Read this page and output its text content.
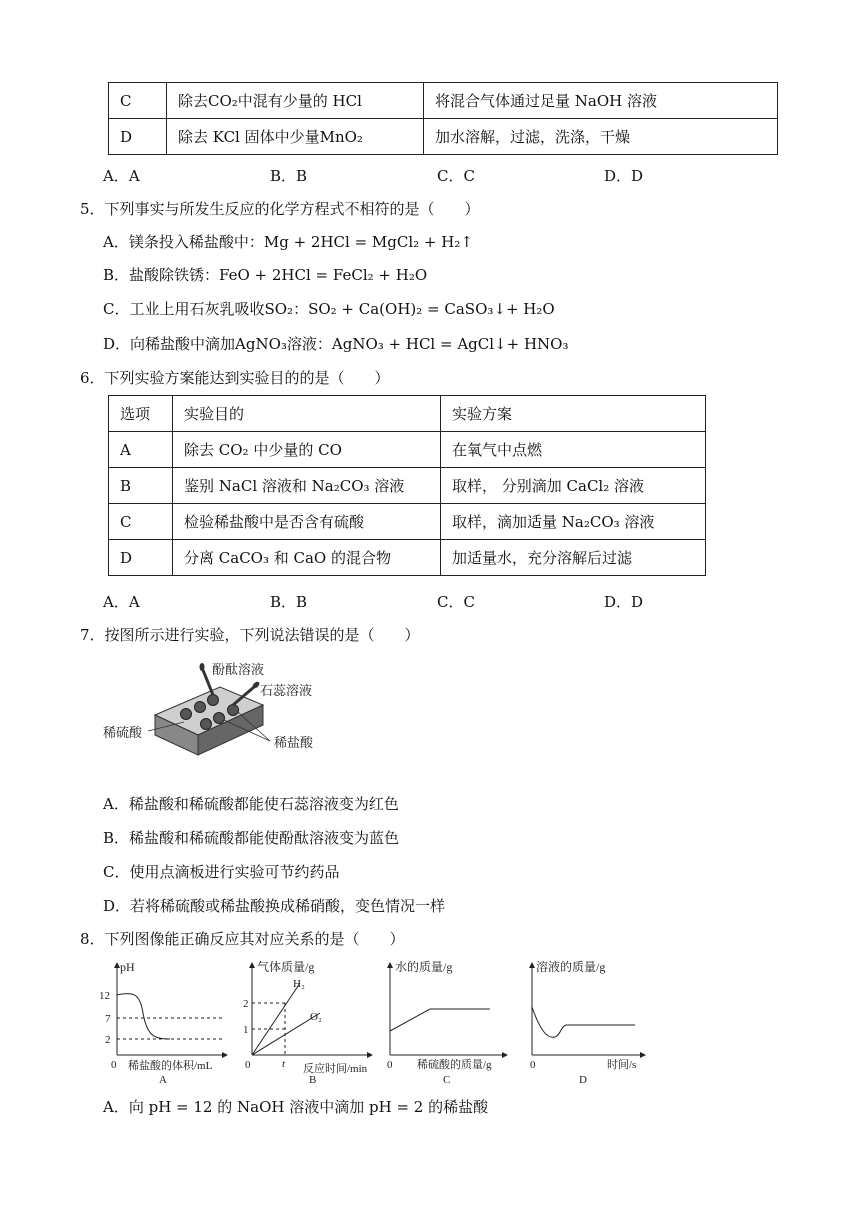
C	除去CO₂中混有少量的 HCl	将混合气体通过足量 NaOH 溶液
D	除去 KCl 固体中少量MnO₂	加水溶解，过滤，洗涤，干燥
A．A	B．B	C．C	D．D
5．下列事实与所发生反应的化学方程式不相符的是（　　）
A．镁条投入稀盐酸中：Mg + 2HCl = MgCl₂ + H₂↑
B．盐酸除铁锈：FeO + 2HCl = FeCl₂ + H₂O
C．工业上用石灰乳吸收SO₂：SO₂ + Ca(OH)₂ = CaSO₃↓+ H₂O
D．向稀盐酸中滴加AgNO₃溶液：AgNO₃ + HCl = AgCl↓+ HNO₃
6．下列实验方案能达到实验目的的是（　　）
选项	实验目的	实验方案
A	除去 CO₂ 中少量的 CO	在氧气中点燃
B	鉴别 NaCl 溶液和 Na₂CO₃ 溶液	取样， 分别滴加 CaCl₂ 溶液
C	检验稀盐酸中是否含有硫酸	取样，滴加适量 Na₂CO₃ 溶液
D	分离 CaCO₃ 和 CaO 的混合物	加适量水，充分溶解后过滤
A．A	B．B	C．C	D．D
7．按图所示进行实验，下列说法错误的是（　　）
酚酞溶液
石蕊溶液
稀硫酸
稀盐酸
A．稀盐酸和稀硫酸都能使石蕊溶液变为红色
B．稀盐酸和稀硫酸都能使酚酞溶液变为蓝色
C．使用点滴板进行实验可节约药品
D．若将稀硫酸或稀盐酸换成稀硝酸，变色情况一样
8．下列图像能正确反应其对应关系的是（　　）
pH
12
7
2
0 稀盐酸的体积/mL
A
气体质量/g
2
1
0	t 反应时间/min
H₂
O₂
B
水的质量/g
0 稀硫酸的质量/g
C
溶液的质量/g
0	时间/s
D
A．向 pH = 12 的 NaOH 溶液中滴加 pH = 2 的稀盐酸
